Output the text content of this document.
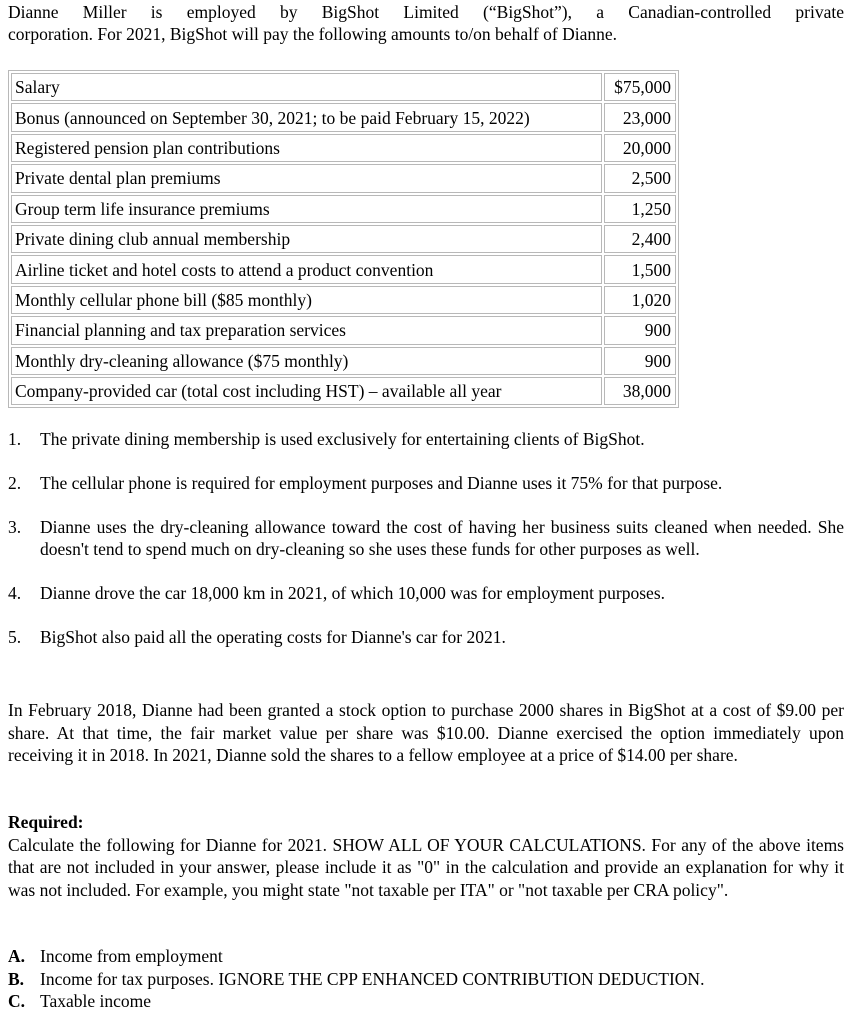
Dianne Miller is employed by BigShot Limited (“BigShot”), a Canadian-controlled private
corporation. For 2021, BigShot will pay the following amounts to/on behalf of Dianne.
Salary	$75,000
Bonus (announced on September 30, 2021; to be paid February 15, 2022)	23,000
Registered pension plan contributions	20,000
Private dental plan premiums	2,500
Group term life insurance premiums	1,250
Private dining club annual membership	2,400
Airline ticket and hotel costs to attend a product convention	1,500
Monthly cellular phone bill ($85 monthly)	1,020
Financial planning and tax preparation services	900
Monthly dry-cleaning allowance ($75 monthly)	900
Company-provided car (total cost including HST) – available all year	38,000
1. The private dining membership is used exclusively for entertaining clients of BigShot.
2. The cellular phone is required for employment purposes and Dianne uses it 75% for that purpose.
3. Dianne uses the dry-cleaning allowance toward the cost of having her business suits cleaned when needed. She doesn't tend to spend much on dry-cleaning so she uses these funds for other purposes as well.
4. Dianne drove the car 18,000 km in 2021, of which 10,000 was for employment purposes.
5. BigShot also paid all the operating costs for Dianne's car for 2021.
In February 2018, Dianne had been granted a stock option to purchase 2000 shares in BigShot at a cost of $9.00 per share. At that time, the fair market value per share was $10.00. Dianne exercised the option immediately upon receiving it in 2018. In 2021, Dianne sold the shares to a fellow employee at a price of $14.00 per share.
Required:
Calculate the following for Dianne for 2021. SHOW ALL OF YOUR CALCULATIONS. For any of the above items that are not included in your answer, please include it as "0" in the calculation and provide an explanation for why it was not included. For example, you might state "not taxable per ITA" or "not taxable per CRA policy".
A. Income from employment
B. Income for tax purposes. IGNORE THE CPP ENHANCED CONTRIBUTION DEDUCTION.
C. Taxable income
